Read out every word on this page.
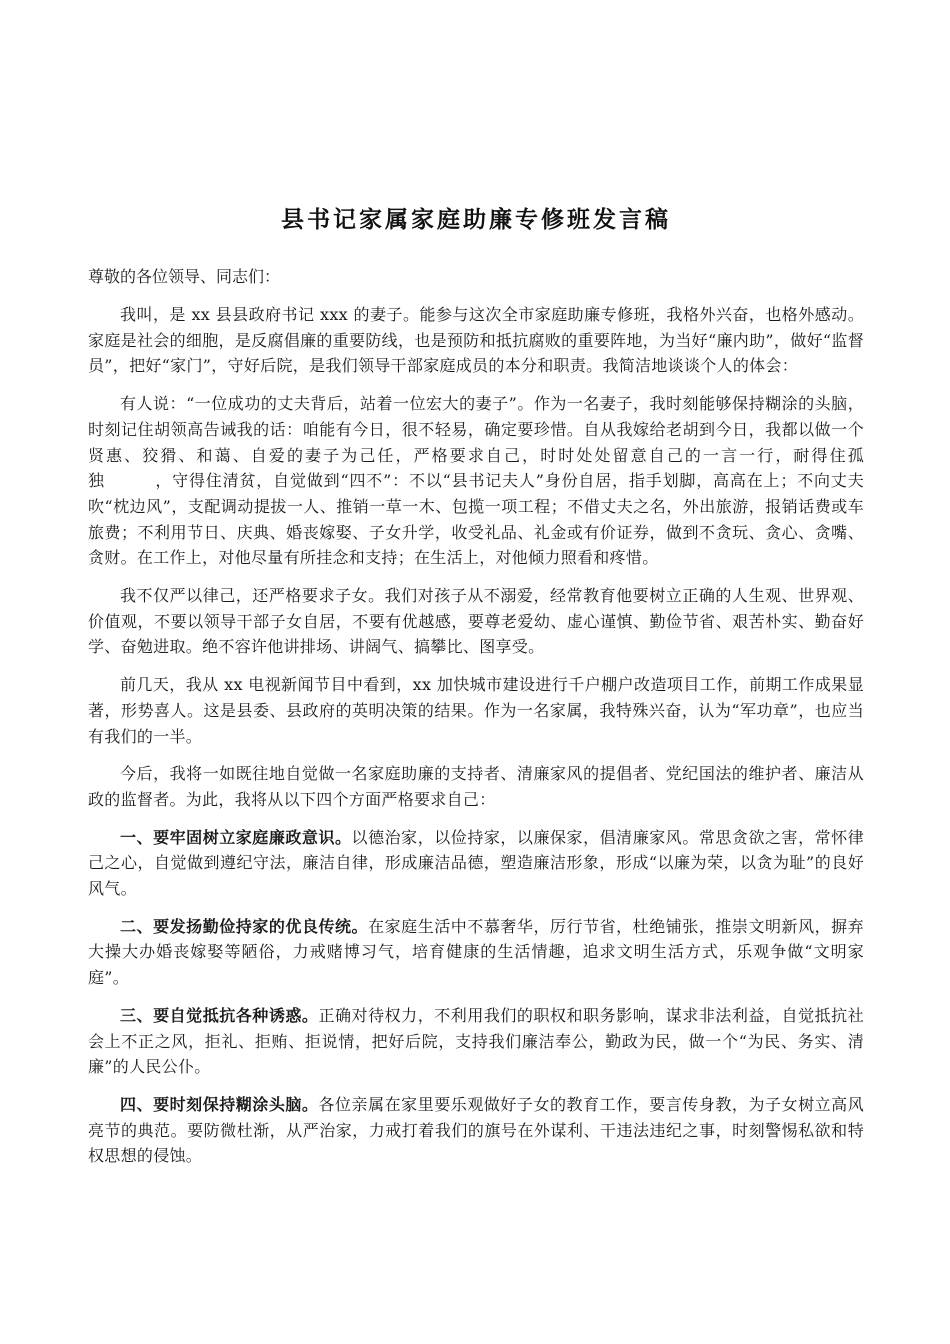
县书记家属家庭助廉专修班发言稿

尊敬的各位领导、同志们：

我叫，是 xx 县县政府书记 xxx 的妻子。能参与这次全市家庭助廉专修班，我格外兴奋，也格外感动。家庭是社会的细胞，是反腐倡廉的重要防线，也是预防和抵抗腐败的重要阵地，为当好“廉内助”，做好“监督员”，把好“家门”，守好后院，是我们领导干部家庭成员的本分和职责。我简洁地谈谈个人的体会：

有人说：“一位成功的丈夫背后，站着一位宏大的妻子”。作为一名妻子，我时刻能够保持糊涂的头脑，时刻记住胡领高告诫我的话：咱能有今日，很不轻易，确定要珍惜。自从我嫁给老胡到今日，我都以做一个贤惠、狡猾、和蔼、自爱的妻子为己任，严格要求自己，时时处处留意自己的一言一行，耐得住孤独　　　，守得住清贫，自觉做到“四不”：不以“县书记夫人”身份自居，指手划脚，高高在上；不向丈夫吹“枕边风”，支配调动提拔一人、推销一草一木、包揽一项工程；不借丈夫之名，外出旅游，报销话费或车旅费；不利用节日、庆典、婚丧嫁娶、子女升学，收受礼品、礼金或有价证券，做到不贪玩、贪心、贪嘴、贪财。在工作上，对他尽量有所挂念和支持；在生活上，对他倾力照看和疼惜。

我不仅严以律己，还严格要求子女。我们对孩子从不溺爱，经常教育他要树立正确的人生观、世界观、价值观，不要以领导干部子女自居，不要有优越感，要尊老爱幼、虚心谨慎、勤俭节省、艰苦朴实、勤奋好学、奋勉进取。绝不容许他讲排场、讲阔气、搞攀比、图享受。

前几天，我从 xx 电视新闻节目中看到，xx 加快城市建设进行千户棚户改造项目工作，前期工作成果显著，形势喜人。这是县委、县政府的英明决策的结果。作为一名家属，我特殊兴奋，认为“军功章”，也应当有我们的一半。

今后，我将一如既往地自觉做一名家庭助廉的支持者、清廉家风的提倡者、党纪国法的维护者、廉洁从政的监督者。为此，我将从以下四个方面严格要求自己：

一、要牢固树立家庭廉政意识。以德治家，以俭持家，以廉保家，倡清廉家风。常思贪欲之害，常怀律己之心，自觉做到遵纪守法，廉洁自律，形成廉洁品德，塑造廉洁形象，形成“以廉为荣，以贪为耻”的良好风气。

二、要发扬勤俭持家的优良传统。在家庭生活中不慕奢华，厉行节省，杜绝铺张，推崇文明新风，摒弃大操大办婚丧嫁娶等陋俗，力戒赌博习气，培育健康的生活情趣，追求文明生活方式，乐观争做“文明家庭”。

三、要自觉抵抗各种诱惑。正确对待权力，不利用我们的职权和职务影响，谋求非法利益，自觉抵抗社会上不正之风，拒礼、拒贿、拒说情，把好后院，支持我们廉洁奉公，勤政为民，做一个“为民、务实、清廉”的人民公仆。

四、要时刻保持糊涂头脑。各位亲属在家里要乐观做好子女的教育工作，要言传身教，为子女树立高风亮节的典范。要防微杜渐，从严治家，力戒打着我们的旗号在外谋利、干违法违纪之事，时刻警惕私欲和特权思想的侵蚀。
